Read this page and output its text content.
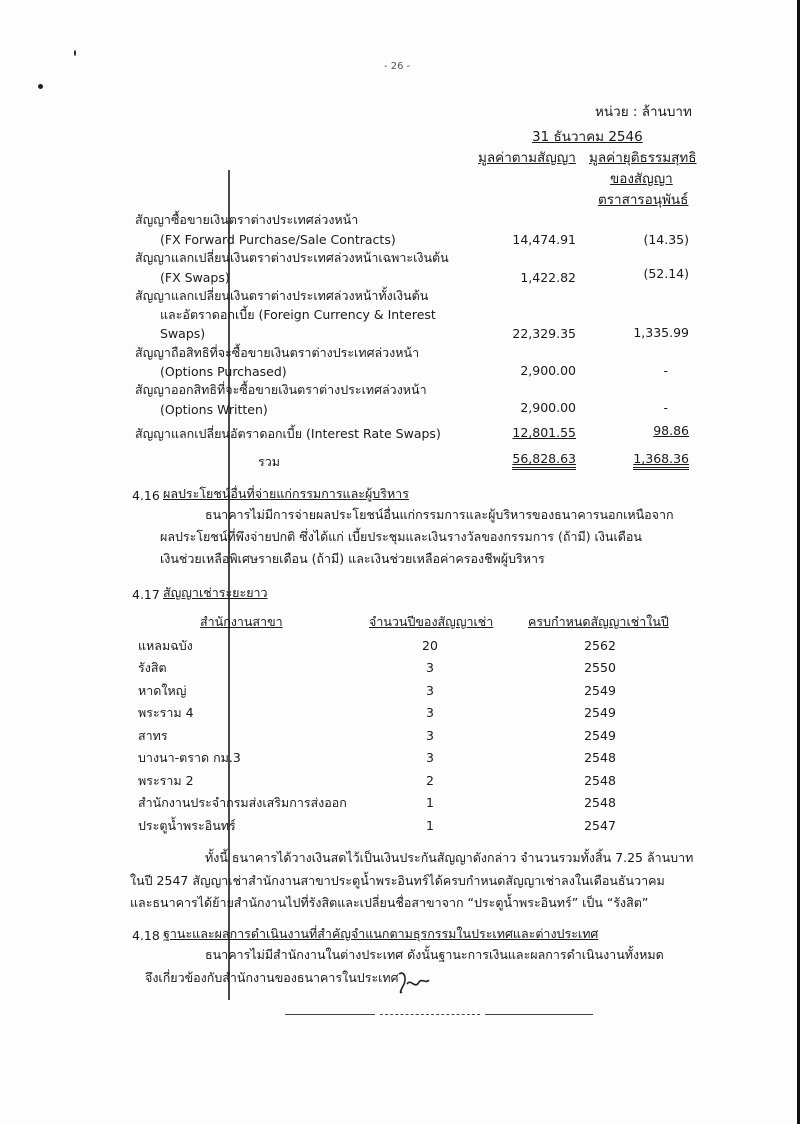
- 26 -
หน่วย : ล้านบาท
31 ธันวาคม 2546
มูลค่าตามสัญญา มูลค่ายุติธรรมสุทธิ
ของสัญญา
ตราสารอนุพันธ์
สัญญาซื้อขายเงินตราต่างประเทศล่วงหน้า
(FX Forward Purchase/Sale Contracts)	14,474.91	(14.35)
สัญญาแลกเปลี่ยนเงินตราต่างประเทศล่วงหน้าเฉพาะเงินต้น
(FX Swaps)	1,422.82	(52.14)
สัญญาแลกเปลี่ยนเงินตราต่างประเทศล่วงหน้าทั้งเงินต้น
และอัตราดอกเบี้ย (Foreign Currency & Interest
Swaps)	22,329.35	1,335.99
สัญญาถือสิทธิที่จะซื้อขายเงินตราต่างประเทศล่วงหน้า
(Options Purchased)	2,900.00	-
สัญญาออกสิทธิที่จะซื้อขายเงินตราต่างประเทศล่วงหน้า
(Options Written)	2,900.00	-
สัญญาแลกเปลี่ยนอัตราดอกเบี้ย (Interest Rate Swaps)	12,801.55	98.86
รวม	56,828.63	1,368.36
4.16 ผลประโยชน์อื่นที่จ่ายแก่กรรมการและผู้บริหาร
ธนาคารไม่มีการจ่ายผลประโยชน์อื่นแก่กรรมการและผู้บริหารของธนาคารนอกเหนือจาก
ผลประโยชน์ที่พึงจ่ายปกติ ซึ่งได้แก่ เบี้ยประชุมและเงินรางวัลของกรรมการ (ถ้ามี) เงินเดือน
เงินช่วยเหลือพิเศษรายเดือน (ถ้ามี) และเงินช่วยเหลือค่าครองชีพผู้บริหาร
4.17 สัญญาเช่าระยะยาว
สำนักงานสาขา	จำนวนปีของสัญญาเช่า	ครบกำหนดสัญญาเช่าในปี
แหลมฉบัง	20	2562
รังสิต	3	2550
หาดใหญ่	3	2549
พระราม 4	3	2549
สาทร	3	2549
บางนา-ตราด กม.3	3	2548
พระราม 2	2	2548
สำนักงานประจำกรมส่งเสริมการส่งออก	1	2548
ประตูน้ำพระอินทร์	1	2547
ทั้งนี้ ธนาคารได้วางเงินสดไว้เป็นเงินประกันสัญญาดังกล่าว จำนวนรวมทั้งสิ้น 7.25 ล้านบาท
ในปี 2547 สัญญาเช่าสำนักงานสาขาประตูน้ำพระอินทร์ได้ครบกำหนดสัญญาเช่าลงในเดือนธันวาคม
และธนาคารได้ย้ายสำนักงานไปที่รังสิตและเปลี่ยนชื่อสาขาจาก “ประตูน้ำพระอินทร์” เป็น “รังสิต”
4.18 ฐานะและผลการดำเนินงานที่สำคัญจำแนกตามธุรกรรมในประเทศและต่างประเทศ
ธนาคารไม่มีสำนักงานในต่างประเทศ ดังนั้นฐานะการเงินและผลการดำเนินงานทั้งหมด
จึงเกี่ยวข้องกับสำนักงานของธนาคารในประเทศ
